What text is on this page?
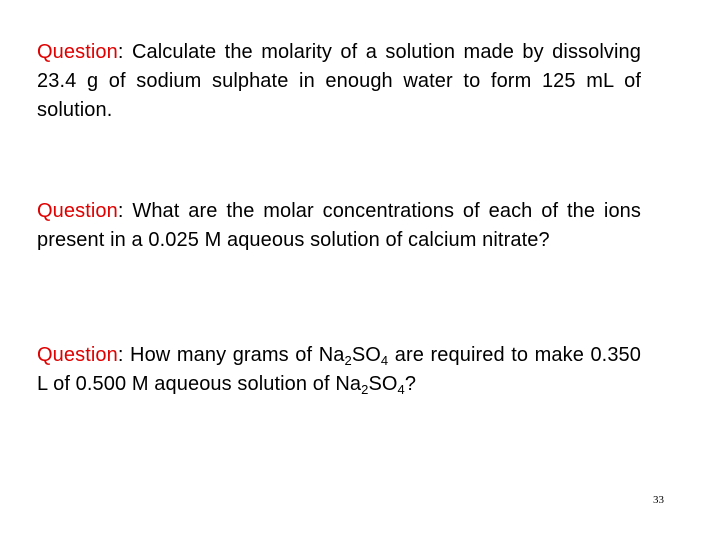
Question: Calculate the molarity of a solution made by dissolving 23.4 g of sodium sulphate in enough water to form 125 mL of solution.
Question: What are the molar concentrations of each of the ions present in a 0.025 M aqueous solution of calcium nitrate?
Question: How many grams of $Na_2SO_4$ are required to make 0.350 L of 0.500 M aqueous solution of $Na_2SO_4$?
33
